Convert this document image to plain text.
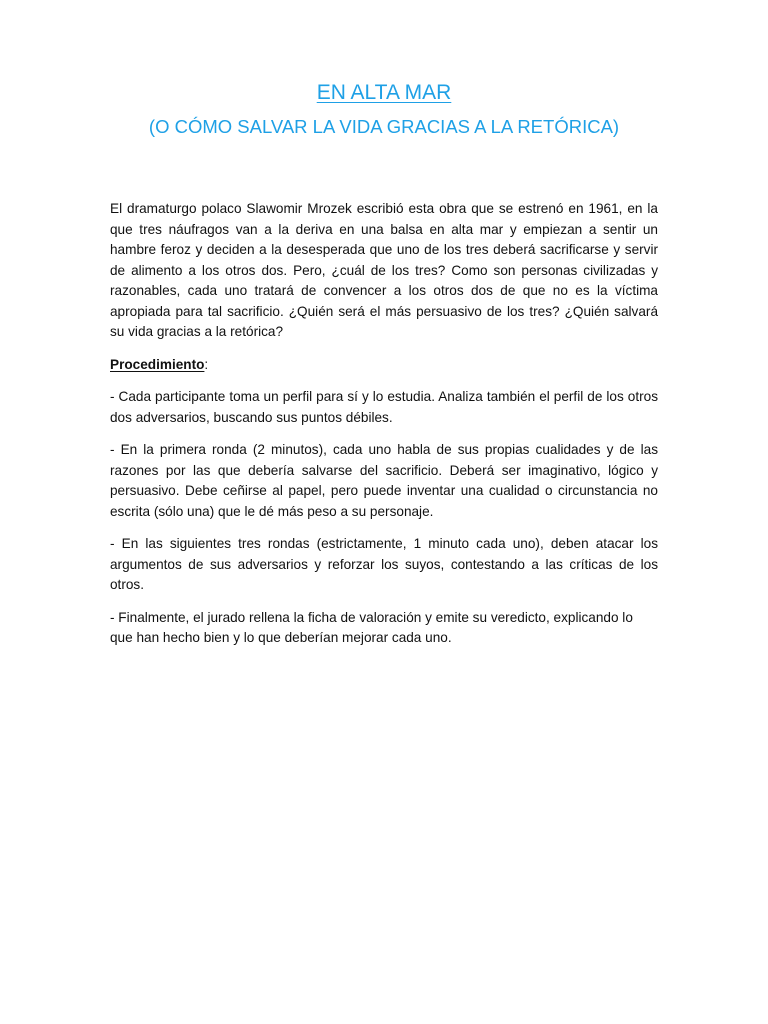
EN ALTA MAR
(O CÓMO SALVAR LA VIDA GRACIAS A LA RETÓRICA)

El dramaturgo polaco Slawomir Mrozek escribió esta obra que se estrenó en 1961, en la que tres náufragos van a la deriva en una balsa en alta mar y empiezan a sentir un hambre feroz y deciden a la desesperada que uno de los tres deberá sacrificarse y servir de alimento a los otros dos. Pero, ¿cuál de los tres? Como son personas civilizadas y razonables, cada uno tratará de convencer a los otros dos de que no es la víctima apropiada para tal sacrificio. ¿Quién será el más persuasivo de los tres? ¿Quién salvará su vida gracias a la retórica?

Procedimiento:

- Cada participante toma un perfil para sí y lo estudia. Analiza también el perfil de los otros dos adversarios, buscando sus puntos débiles.

- En la primera ronda (2 minutos), cada uno habla de sus propias cualidades y de las razones por las que debería salvarse del sacrificio. Deberá ser imaginativo, lógico y persuasivo. Debe ceñirse al papel, pero puede inventar una cualidad o circunstancia no escrita (sólo una) que le dé más peso a su personaje.

- En las siguientes tres rondas (estrictamente, 1 minuto cada uno), deben atacar los argumentos de sus adversarios y reforzar los suyos, contestando a las críticas de los otros.

- Finalmente, el jurado rellena la ficha de valoración y emite su veredicto, explicando lo que han hecho bien y lo que deberían mejorar cada uno.
